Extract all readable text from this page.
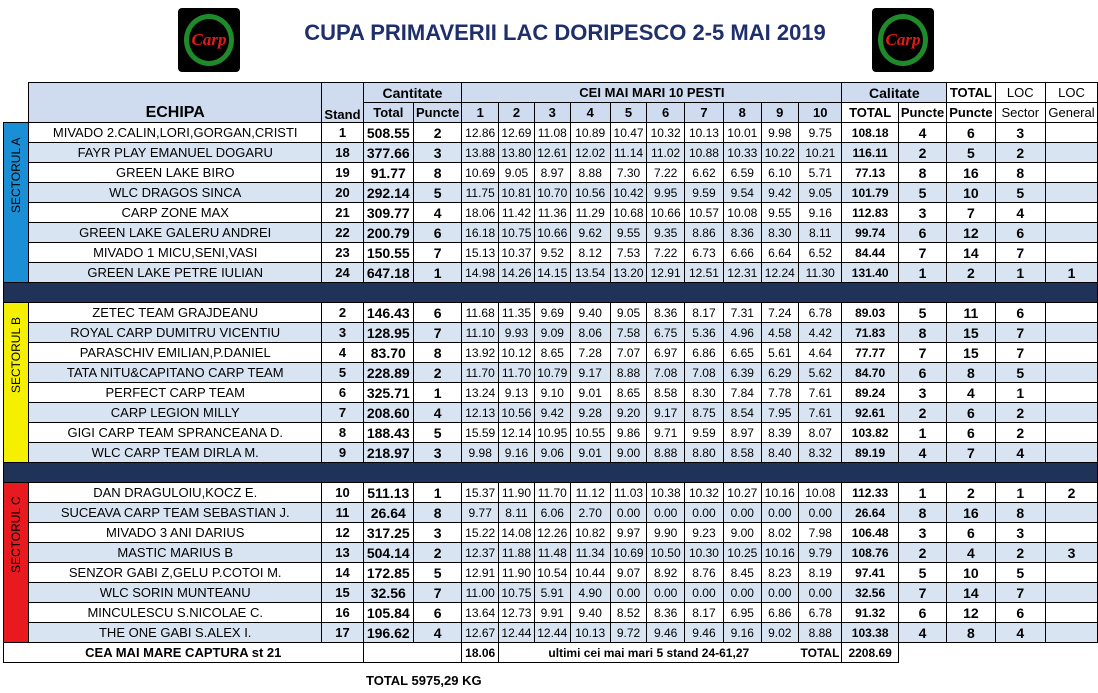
Carp	CUPA PRIMAVERII LAC DORIPESCO 2-5 MAI 2019	Carp
	ECHIPA	Stand	Cantitate		CEI MAI MARI 10 PESTI										Calitate		TOTAL	LOC	LOC
			Total	Puncte	1	2	3	4	5	6	7	8	9	10	TOTAL	Puncte	Puncte	Sector	General

SECTORUL A	MIVADO 2.CALIN,LORI,GORGAN,CRISTI	1	508.55	2	12.86	12.69	11.08	10.89	10.47	10.32	10.13	10.01	9.98	9.75	108.18	4	6	3	
	FAYR PLAY EMANUEL DOGARU	18	377.66	3	13.88	13.80	12.61	12.02	11.14	11.02	10.88	10.33	10.22	10.21	116.11	2	5	2	
	GREEN LAKE BIRO	19	91.77	8	10.69	9.05	8.97	8.88	7.30	7.22	6.62	6.59	6.10	5.71	77.13	8	16	8	
	WLC DRAGOS SINCA	20	292.14	5	11.75	10.81	10.70	10.56	10.42	9.95	9.59	9.54	9.42	9.05	101.79	5	10	5	
	CARP ZONE MAX	21	309.77	4	18.06	11.42	11.36	11.29	10.68	10.66	10.57	10.08	9.55	9.16	112.83	3	7	4	
	GREEN LAKE GALERU ANDREI	22	200.79	6	16.18	10.75	10.66	9.62	9.55	9.35	8.86	8.36	8.30	8.11	99.74	6	12	6	
	MIVADO 1 MICU,SENI,VASI	23	150.55	7	15.13	10.37	9.52	8.12	7.53	7.22	6.73	6.66	6.64	6.52	84.44	7	14	7	
	GREEN LAKE PETRE IULIAN	24	647.18	1	14.98	14.26	14.15	13.54	13.20	12.91	12.51	12.31	12.24	11.30	131.40	1	2	1	1

SECTORUL B	ZETEC TEAM GRAJDEANU	2	146.43	6	11.68	11.35	9.69	9.40	9.05	8.36	8.17	7.31	7.24	6.78	89.03	5	11	6	
	ROYAL CARP DUMITRU VICENTIU	3	128.95	7	11.10	9.93	9.09	8.06	7.58	6.75	5.36	4.96	4.58	4.42	71.83	8	15	7	
	PARASCHIV EMILIAN,P.DANIEL	4	83.70	8	13.92	10.12	8.65	7.28	7.07	6.97	6.86	6.65	5.61	4.64	77.77	7	15	7	
	TATA NITU&CAPITANO CARP TEAM	5	228.89	2	11.70	11.70	10.79	9.17	8.88	7.08	7.08	6.39	6.29	5.62	84.70	6	8	5	
	PERFECT CARP TEAM	6	325.71	1	13.24	9.13	9.10	9.01	8.65	8.58	8.30	7.84	7.78	7.61	89.24	3	4	1	
	CARP LEGION MILLY	7	208.60	4	12.13	10.56	9.42	9.28	9.20	9.17	8.75	8.54	7.95	7.61	92.61	2	6	2	
	GIGI CARP TEAM SPRANCEANA D.	8	188.43	5	15.59	12.14	10.95	10.55	9.86	9.71	9.59	8.97	8.39	8.07	103.82	1	6	2	
	WLC CARP TEAM DIRLA M.	9	218.97	3	9.98	9.16	9.06	9.01	9.00	8.88	8.80	8.58	8.40	8.32	89.19	4	7	4	

SECTORUL C	DAN DRAGULOIU,KOCZ E.	10	511.13	1	15.37	11.90	11.70	11.12	11.03	10.38	10.32	10.27	10.16	10.08	112.33	1	2	1	2
	SUCEAVA CARP TEAM SEBASTIAN J.	11	26.64	8	9.77	8.11	6.06	2.70	0.00	0.00	0.00	0.00	0.00	0.00	26.64	8	16	8	
	MIVADO 3 ANI DARIUS	12	317.25	3	15.22	14.08	12.26	10.82	9.97	9.90	9.23	9.00	8.02	7.98	106.48	3	6	3	
	MASTIC MARIUS B	13	504.14	2	12.37	11.88	11.48	11.34	10.69	10.50	10.30	10.25	10.16	9.79	108.76	2	4	2	3
	SENZOR GABI Z,GELU P.COTOI M.	14	172.85	5	12.91	11.90	10.54	10.44	9.07	8.92	8.76	8.45	8.23	8.19	97.41	5	10	5	
	WLC SORIN MUNTEANU	15	32.56	7	11.00	10.75	5.91	4.90	0.00	0.00	0.00	0.00	0.00	0.00	32.56	7	14	7	
	MINCULESCU S.NICOLAE C.	16	105.84	6	13.64	12.73	9.91	9.40	8.52	8.36	8.17	6.95	6.86	6.78	91.32	6	12	6	
	THE ONE GABI S.ALEX I.	17	196.62	4	12.67	12.44	12.44	10.13	9.72	9.46	9.46	9.16	9.02	8.88	103.38	4	8	4	
CEA MAI MARE CAPTURA st 21					18.06	ultimi cei mai mari 5 stand 24-61,27								TOTAL	2208.69				
TOTAL 5975,29 KG
